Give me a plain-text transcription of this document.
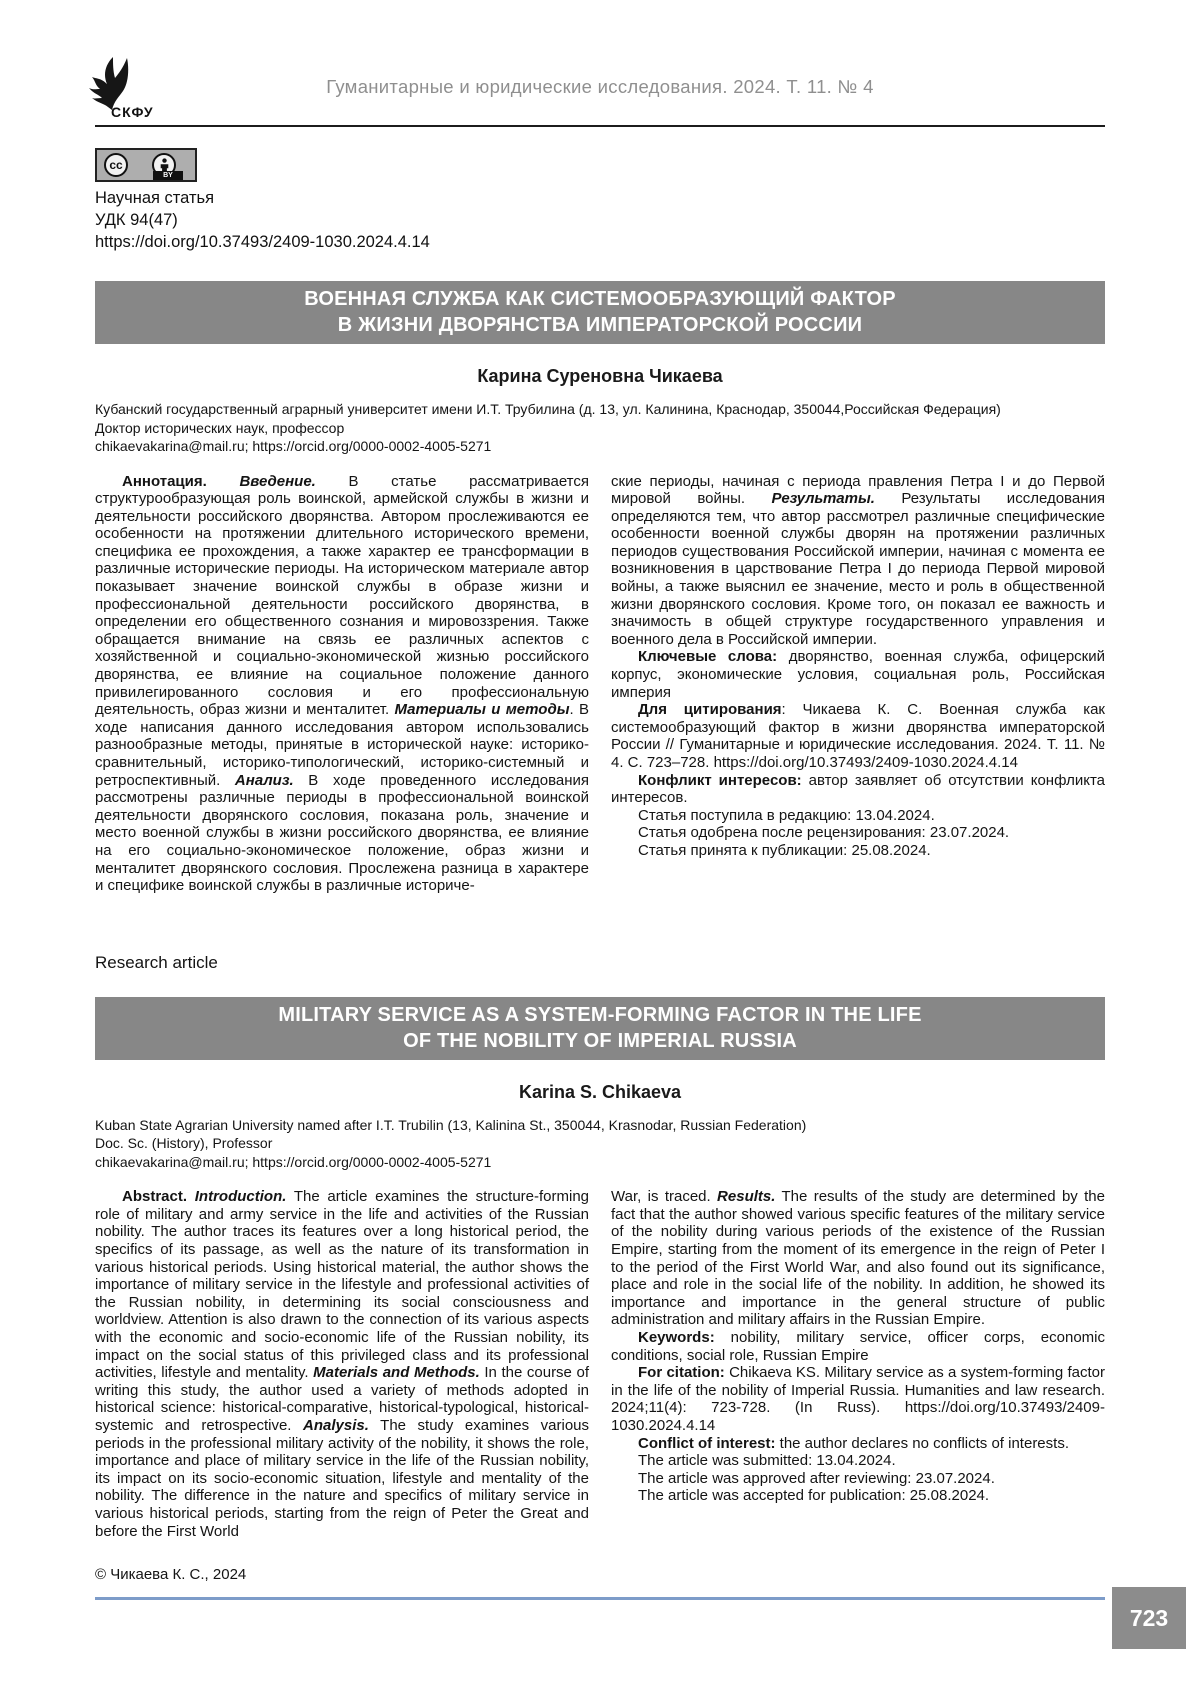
СКФУ
Гуманитарные и юридические исследования. 2024. Т. 11. № 4
cc
BY
Научная статья
УДК 94(47)
https://doi.org/10.37493/2409-1030.2024.4.14
ВОЕННАЯ СЛУЖБА КАК СИСТЕМООБРАЗУЮЩИЙ ФАКТОР
В ЖИЗНИ ДВОРЯНСТВА ИМПЕРАТОРСКОЙ РОССИИ
Карина Суреновна Чикаева
Кубанский государственный аграрный университет имени И.Т. Трубилина (д. 13, ул. Калинина, Краснодар, 350044,Российская Федерация)
Доктор исторических наук, профессор
chikaevakarina@mail.ru; https://orcid.org/0000-0002-4005-5271

Аннотация. Введение. В статье рассматривается структурообразующая роль воинской, армейской службы в жизни и деятельности российского дворянства. Автором прослеживаются ее особенности на протяжении длительного исторического времени, специфика ее прохождения, а также характер ее трансформации в различные исторические периоды. На историческом материале автор показывает значение воинской службы в образе жизни и профессиональной деятельности российского дворянства, в определении его общественного сознания и мировоззрения. Также обращается внимание на связь ее различных аспектов с хозяйственной и социально-экономической жизнью российского дворянства, ее влияние на социальное положение данного привилегированного сословия и его профессиональную деятельность, образ жизни и менталитет. Материалы и методы. В ходе написания данного исследования автором использовались разнообразные методы, принятые в исторической науке: историко-сравнительный, историко-типологический, историко-системный и ретроспективный. Анализ. В ходе проведенного исследования рассмотрены различные периоды в профессиональной воинской деятельности дворянского сословия, показана роль, значение и место военной службы в жизни российского дворянства, ее влияние на его социально-экономическое положение, образ жизни и менталитет дворянского сословия. Прослежена разница в характере и специфике воинской службы в различные историче-

ские периоды, начиная с периода правления Петра I и до Первой мировой войны. Результаты. Результаты исследования определяются тем, что автор рассмотрел различные специфические особенности военной службы дворян на протяжении различных периодов существования Российской империи, начиная с момента ее возникновения в царствование Петра I до периода Первой мировой войны, а также выяснил ее значение, место и роль в общественной жизни дворянского сословия. Кроме того, он показал ее важность и значимость в общей структуре государственного управления и военного дела в Российской империи.

Ключевые слова: дворянство, военная служба, офицерский корпус, экономические условия, социальная роль, Российская империя

Для цитирования: Чикаева К. С. Военная служба как системообразующий фактор в жизни дворянства императорской России // Гуманитарные и юридические исследования. 2024. Т. 11. № 4. С. 723–728. https://doi.org/10.37493/2409-1030.2024.4.14

Конфликт интересов: автор заявляет об отсутствии конфликта интересов.

Статья поступила в редакцию: 13.04.2024.

Статья одобрена после рецензирования: 23.07.2024.

Статья принята к публикации: 25.08.2024.

Research article
MILITARY SERVICE AS A SYSTEM-FORMING FACTOR IN THE LIFE
OF THE NOBILITY OF IMPERIAL RUSSIA
Karina S. Chikaeva
Kuban State Agrarian University named after I.T. Trubilin (13, Kalinina St., 350044, Krasnodar, Russian Federation)
Doc. Sc. (History), Professor
chikaevakarina@mail.ru; https://orcid.org/0000-0002-4005-5271

Abstract. Introduction. The article examines the structure-forming role of military and army service in the life and activities of the Russian nobility. The author traces its features over a long historical period, the specifics of its passage, as well as the nature of its transformation in various historical periods. Using historical material, the author shows the importance of military service in the lifestyle and professional activities of the Russian nobility, in determining its social consciousness and worldview. Attention is also drawn to the connection of its various aspects with the economic and socio-economic life of the Russian nobility, its impact on the social status of this privileged class and its professional activities, lifestyle and mentality. Materials and Methods. In the course of writing this study, the author used a variety of methods adopted in historical science: historical-comparative, historical-typological, historical-systemic and retrospective. Analysis. The study examines various periods in the professional military activity of the nobility, it shows the role, importance and place of military service in the life of the Russian nobility, its impact on its socio-economic situation, lifestyle and mentality of the nobility. The difference in the nature and specifics of military service in various historical periods, starting from the reign of Peter the Great and before the First World

War, is traced. Results. The results of the study are determined by the fact that the author showed various specific features of the military service of the nobility during various periods of the existence of the Russian Empire, starting from the moment of its emergence in the reign of Peter I to the period of the First World War, and also found out its significance, place and role in the social life of the nobility. In addition, he showed its importance and importance in the general structure of public administration and military affairs in the Russian Empire.

Keywords: nobility, military service, officer corps, economic conditions, social role, Russian Empire

For citation: Chikaeva KS. Military service as a system-forming factor in the life of the nobility of Imperial Russia. Humanities and law research. 2024;11(4): 723-728. (In Russ). https://doi.org/10.37493/2409-1030.2024.4.14

Conflict of interest: the author declares no conflicts of interests.

The article was submitted: 13.04.2024.

The article was approved after reviewing: 23.07.2024.

The article was accepted for publication: 25.08.2024.

© Чикаева К. С., 2024
723
